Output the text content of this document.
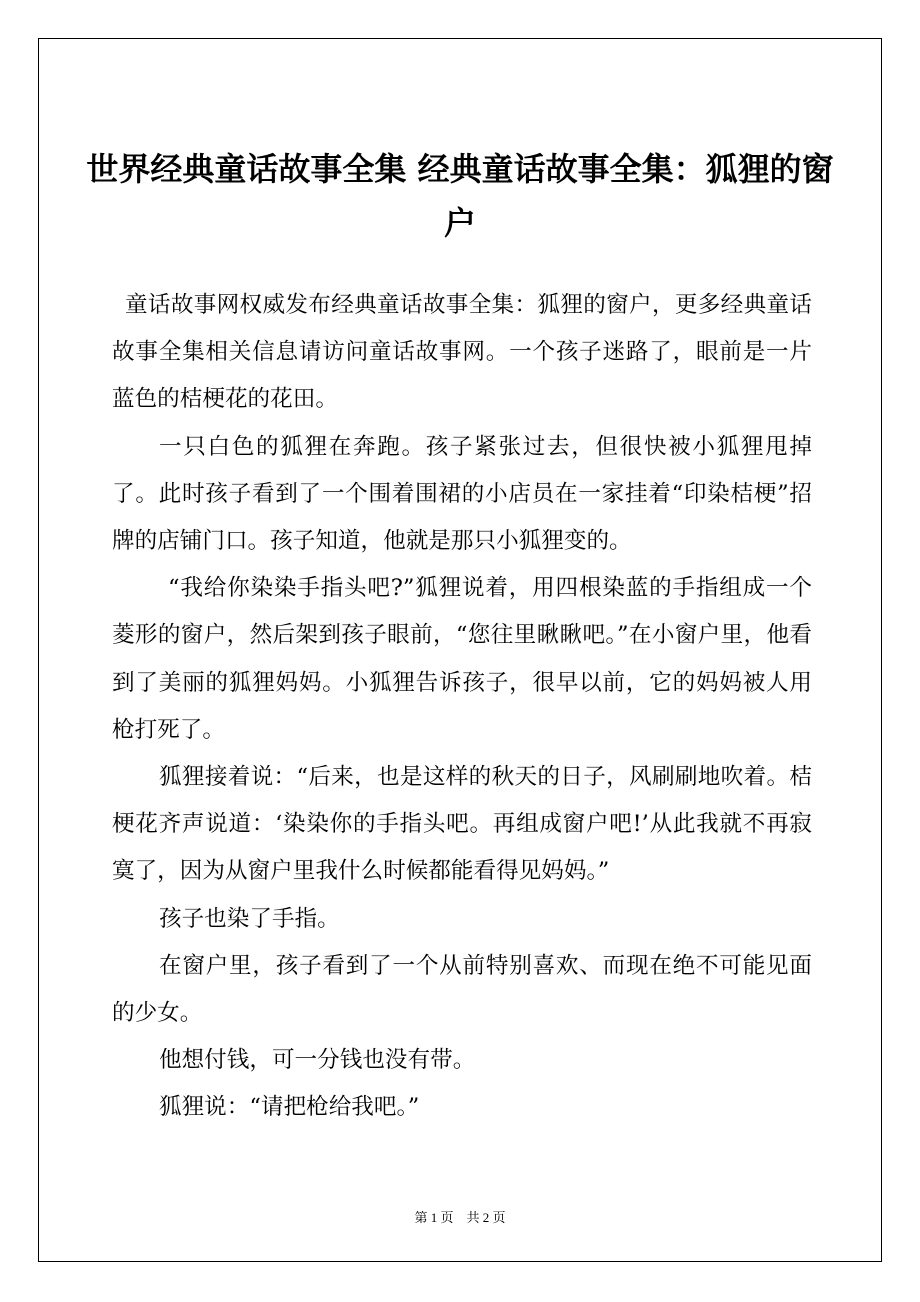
世界经典童话故事全集 经典童话故事全集：狐狸的窗户

童话故事网权威发布经典童话故事全集：狐狸的窗户，更多经典童话故事全集相关信息请访问童话故事网。一个孩子迷路了，眼前是一片蓝色的桔梗花的花田。

一只白色的狐狸在奔跑。孩子紧张过去，但很快被小狐狸甩掉了。此时孩子看到了一个围着围裙的小店员在一家挂着“印染桔梗”招牌的店铺门口。孩子知道，他就是那只小狐狸变的。

“我给你染染手指头吧?”狐狸说着，用四根染蓝的手指组成一个菱形的窗户，然后架到孩子眼前，“您往里瞅瞅吧。”在小窗户里，他看到了美丽的狐狸妈妈。小狐狸告诉孩子，很早以前，它的妈妈被人用枪打死了。

狐狸接着说：“后来，也是这样的秋天的日子，风刷刷地吹着。桔梗花齐声说道：‘染染你的手指头吧。再组成窗户吧!’从此我就不再寂寞了，因为从窗户里我什么时候都能看得见妈妈。”

孩子也染了手指。

在窗户里，孩子看到了一个从前特别喜欢、而现在绝不可能见面的少女。

他想付钱，可一分钱也没有带。

狐狸说：“请把枪给我吧。”

第 1 页　共 2 页
